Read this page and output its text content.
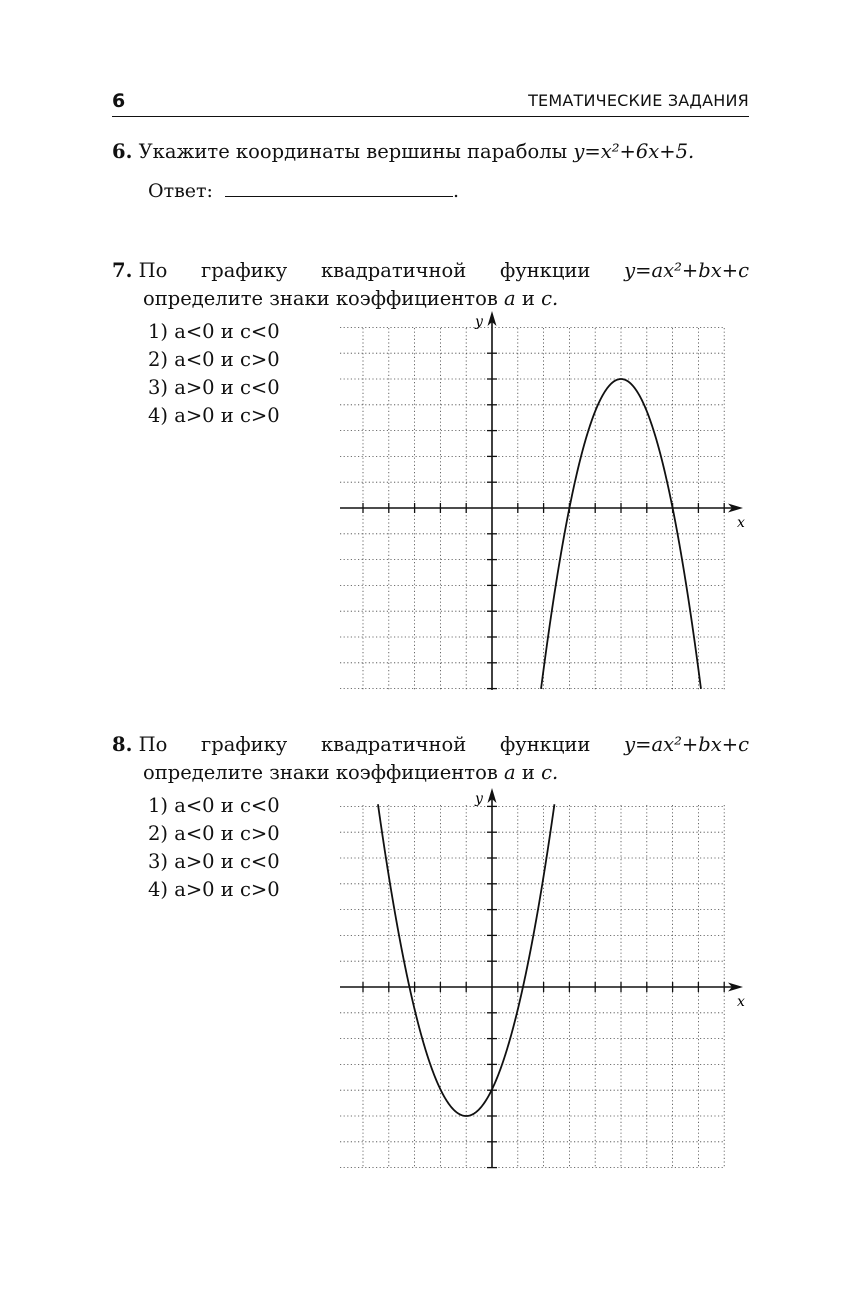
6	ТЕМАТИЧЕСКИЕ ЗАДАНИЯ
6. Укажите координаты вершины параболы y=x²+6x+5.
Ответ:	.
7. По графику квадратичной функции y=ax²+bx+c
определите знаки коэффициентов a и c.
1) a<0 и c<0
2) a<0 и c>0
3) a>0 и c<0
4) a>0 и c>0
x
y
8. По графику квадратичной функции y=ax²+bx+c
определите знаки коэффициентов a и c.
1) a<0 и c<0
2) a<0 и c>0
3) a>0 и c<0
4) a>0 и c>0
x
y
